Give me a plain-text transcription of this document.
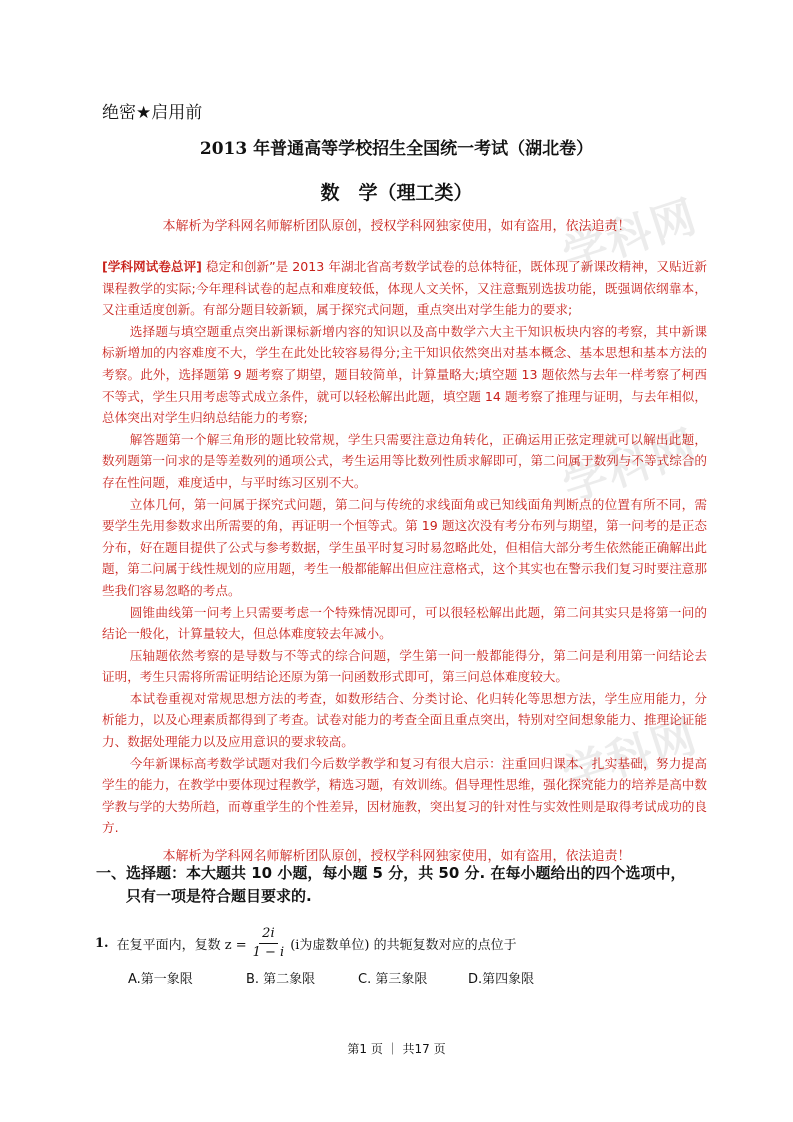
学科网
学科网
学科网
绝密★启用前
2013 年普通高等学校招生全国统一考试（湖北卷）
数　学（理工类）
本解析为学科网名师解析团队原创，授权学科网独家使用，如有盗用，依法追责！

[学科网试卷总评] 稳定和创新”是 2013 年湖北省高考数学试卷的总体特征，既体现了新课改精神，又贴近新课程教学的实际;今年理科试卷的起点和难度较低，体现人文关怀，又注意甄别选拔功能，既强调依纲靠本，又注重适度创新。有部分题目较新颖，属于探究式问题，重点突出对学生能力的要求;

选择题与填空题重点突出新课标新增内容的知识以及高中数学六大主干知识板块内容的考察，其中新课标新增加的内容难度不大，学生在此处比较容易得分;主干知识依然突出对基本概念、基本思想和基本方法的考察。此外，选择题第 9 题考察了期望，题目较简单，计算量略大;填空题 13 题依然与去年一样考察了柯西不等式，学生只用考虑等式成立条件，就可以轻松解出此题，填空题 14 题考察了推理与证明，与去年相似，总体突出对学生归纳总结能力的考察;

解答题第一个解三角形的题比较常规，学生只需要注意边角转化，正确运用正弦定理就可以解出此题，数列题第一问求的是等差数列的通项公式，考生运用等比数列性质求解即可，第二问属于数列与不等式综合的存在性问题，难度适中，与平时练习区别不大。

立体几何，第一问属于探究式问题，第二问与传统的求线面角或已知线面角判断点的位置有所不同，需要学生先用参数求出所需要的角，再证明一个恒等式。第 19 题这次没有考分布列与期望，第一问考的是正态分布，好在题目提供了公式与参考数据，学生虽平时复习时易忽略此处，但相信大部分考生依然能正确解出此题，第二问属于线性规划的应用题，考生一般都能解出但应注意格式，这个其实也在警示我们复习时要注意那些我们容易忽略的考点。

圆锥曲线第一问考上只需要考虑一个特殊情况即可，可以很轻松解出此题，第二问其实只是将第一问的结论一般化，计算量较大，但总体难度较去年减小。

压轴题依然考察的是导数与不等式的综合问题，学生第一问一般都能得分，第二问是利用第一问结论去证明，考生只需将所需证明结论还原为第一问函数形式即可，第三问总体难度较大。

本试卷重视对常规思想方法的考查，如数形结合、分类讨论、化归转化等思想方法，学生应用能力，分析能力，以及心理素质都得到了考查。试卷对能力的考查全面且重点突出，特别对空间想象能力、推理论证能力、数据处理能力以及应用意识的要求较高。

今年新课标高考数学试题对我们今后数学教学和复习有很大启示：注重回归课本、扎实基础，努力提高学生的能力，在教学中要体现过程教学，精选习题，有效训练。倡导理性思维，强化探究能力的培养是高中数学教与学的大势所趋，而尊重学生的个性差异，因材施教，突出复习的针对性与实效性则是取得考试成功的良方.

本解析为学科网名师解析团队原创，授权学科网独家使用，如有盗用，依法追责！
一、选择题：本大题共 10 小题，每小题 5 分，共 50 分. 在每小题给出的四个选项中，
只有一项是符合题目要求的.
1. 在复平面内，复数 $z = \frac{2i}{1 - i} (i$为虚数单位) 的共轭复数对应的点位于
A.第一象限	B. 第二象限	C. 第三象限	D.第四象限
第1 页 ｜ 共17 页
